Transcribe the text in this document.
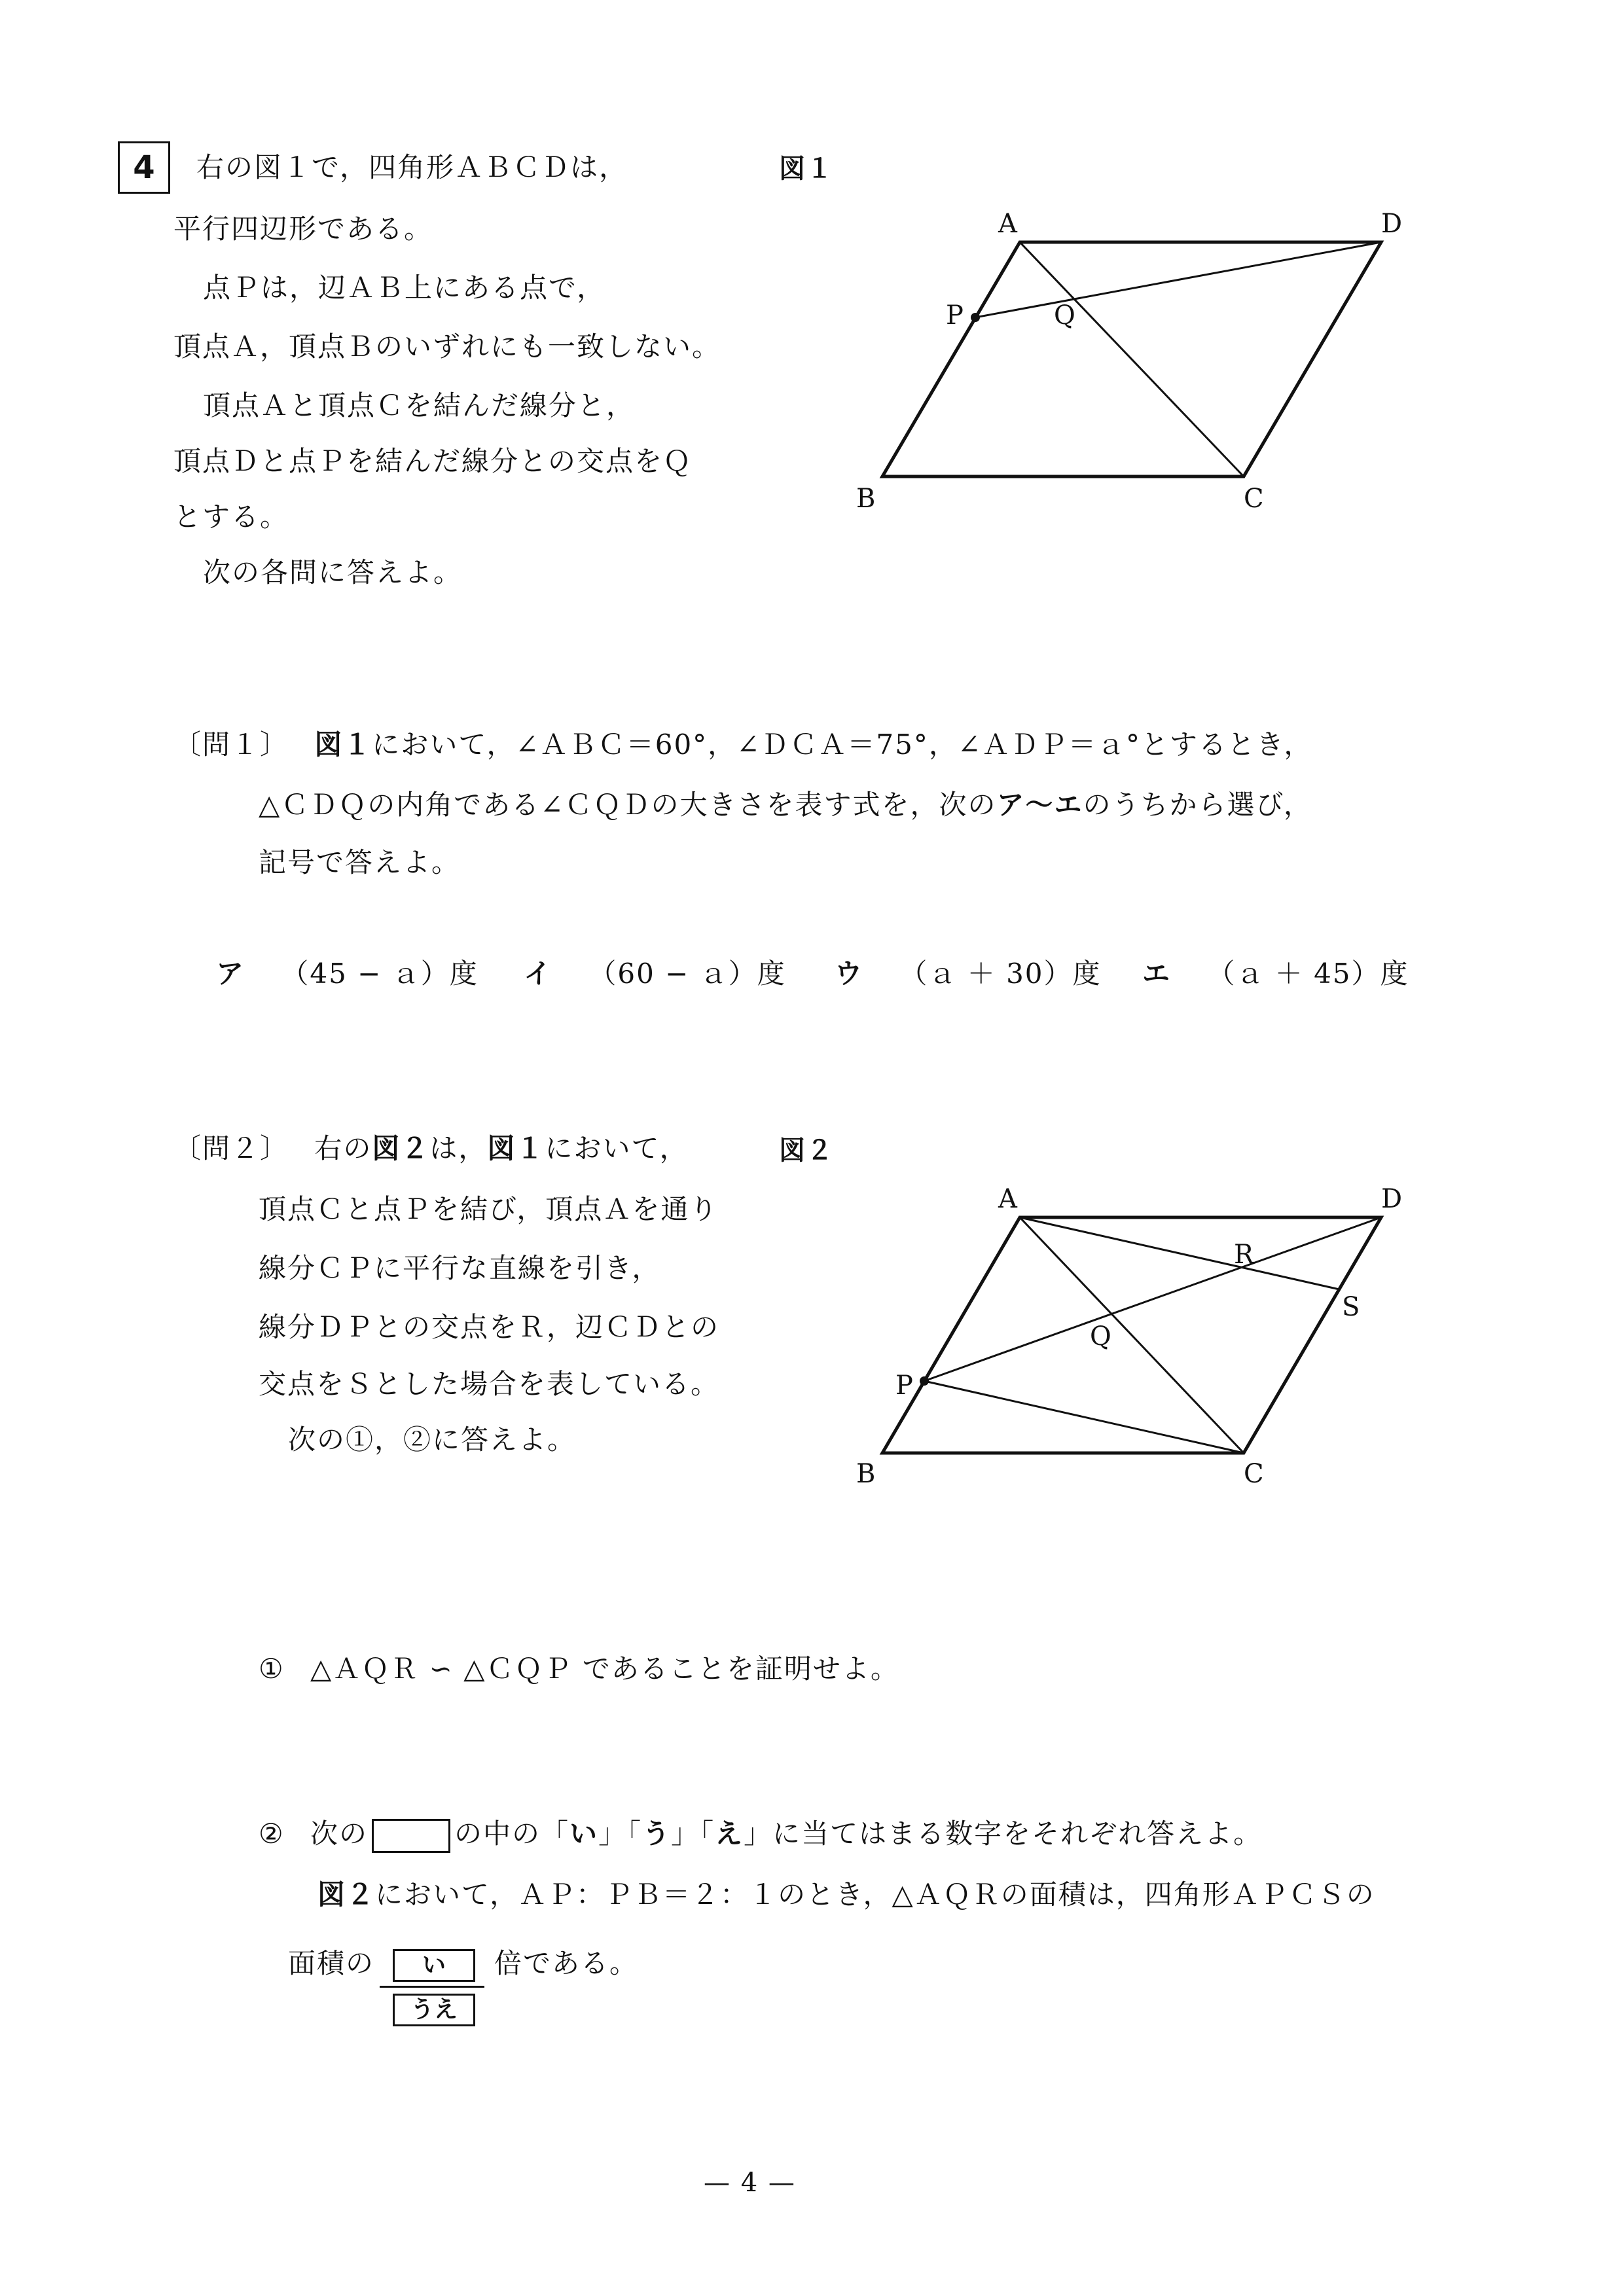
4	右の図１で，四角形ＡＢＣＤは，
平行四辺形である。
点Ｐは，辺ＡＢ上にある点で，
頂点Ａ，頂点Ｂのいずれにも一致しない。
頂点Ａと頂点Ｃを結んだ線分と，
頂点Ｄと点Ｐを結んだ線分との交点をＱ
とする。
次の各問に答えよ。
図１
A	D
P	Q
B	C
〔問１〕 図１において，∠ＡＢＣ＝60°，∠ＤＣＡ＝75°，∠ＡＤＰ＝ａ°とするとき，
△ＣＤＱの内角である∠ＣＱＤの大きさを表す式を，次のア〜エのうちから選び，
記号で答えよ。
ア （45 − ａ）度 イ （60 − ａ）度 ウ （ａ ＋ 30）度 エ （ａ ＋ 45）度
〔問２〕 右の図２は，図１において，
頂点Ｃと点Ｐを結び，頂点Ａを通り
線分ＣＰに平行な直線を引き，
線分ＤＰとの交点をＲ，辺ＣＤとの
交点をＳとした場合を表している。
次の①，②に答えよ。
図２
A	D
R
S
Q
P
B	C
① △ＡＱＲ ∽ △ＣＱＰ であることを証明せよ。
② 次の	の中の「い」「う」「え」に当てはまる数字をそれぞれ答えよ。
図２において，ＡＰ：ＰＢ＝２：１のとき，△ＡＱＲの面積は，四角形ＡＰＣＳの
面積の	い
うえ
倍である。
— 4 —
